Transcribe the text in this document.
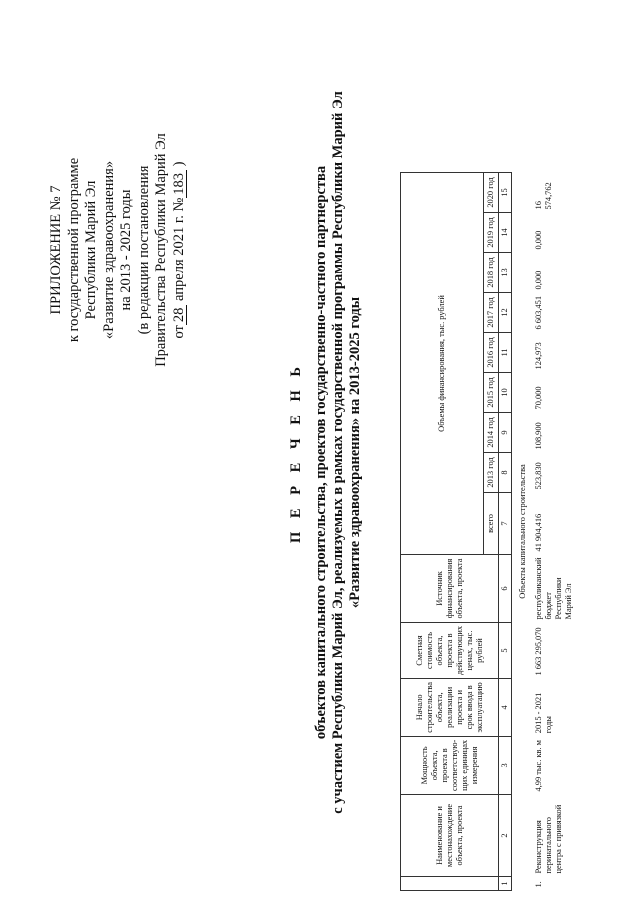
ПРИЛОЖЕНИЕ № 7 к государственной программе Республики Марий Эл «Развитие здравоохранения» на 2013 - 2025 годы (в редакции постановления Правительства Республики Марий Эл от28 апреля 2021 г. №183 )
П Е Р Е Ч Е Н Ь объектов капитального строительства, проектов государственно-частного партнерства с участием Республики Марий Эл, реализуемых в рамках государственной программы Республики Марий Эл «Развитие здравоохранения» на 2013-2025 годы
	Наименование и местонахождение объекта, проекта	Мощность объекта, проекта в соответствую-щих единицах измерения	Начало строительства объекта, реализации проекта и срок ввода в эксплуатацию	Сметная стоимость объекта, проекта в действующих ценах, тыс. рублей	Источник финансирования объекта, проекта	Объемы финансирования, тыс. рублей								
						всего	2013 год	2014 год	2015 год	2016 год	2017 год	2018 год	2019 год	2020 год
1	2	3	4	5	6	7	8	9	10	11	12	13	14	15
Объекты капитального строительства														
1.	Реконструкция перинатального центра с привязкой	4,99 тыс. кв. м	2015 - 2021 годы	1 663 295,070	республиканский бюджет Республики Марий Эл	41 904,416	523,830	108,900	70,000	124,973	6 603,451	0,000	0,000	16 574,762
